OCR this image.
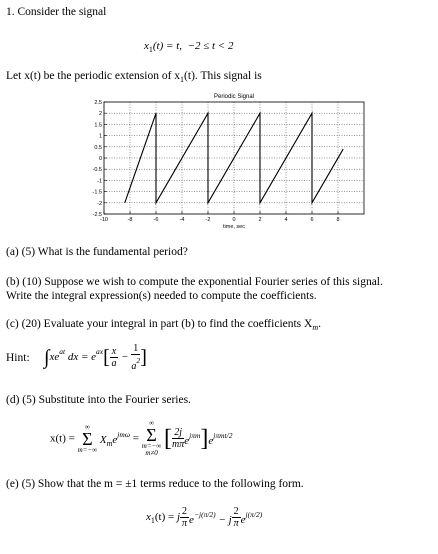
1. Consider the signal
$x_1(t) = t$, −2 ≤ t < 2
Let x(t) be the periodic extension of $x_1(t)$. This signal is
Periodic Signal
-10	-8	-6	-4	-2	0	2	4	6	8
-2.5
-2
-1.5
-1
-0.5
0
0.5
1
1.5
2
2.5
time, sec
(a) (5) What is the fundamental period?
(b) (10) Suppose we wish to compute the exponential Fourier series of this signal.
Write the integral expression(s) needed to compute the coefficients.
(c) (20) Evaluate your integral in part (b) to find the coefficients $X_m$.
Hint: $\int xe^{at}$ dx = $e^{ax}[ \frac{x}{a} - \frac{1}{a^2}$ ]
(d) (5) Substitute into the Fourier series.
x(t) =
∞
Σ
m=−∞
$X_me^{jm\omega}$ =
∞
Σ
m=−∞
m≠0
[ $\frac{2j}{m\pi} e^{j\pi m}]e^{j\pi mt/2}$
(e) (5) Show that the m = ±1 terms reduce to the following form.
$x_1(t) = j \frac{2}{\pi} e^{-j(\pi/2)} - j \frac{2}{\pi} e^{j(\pi/2)}$
